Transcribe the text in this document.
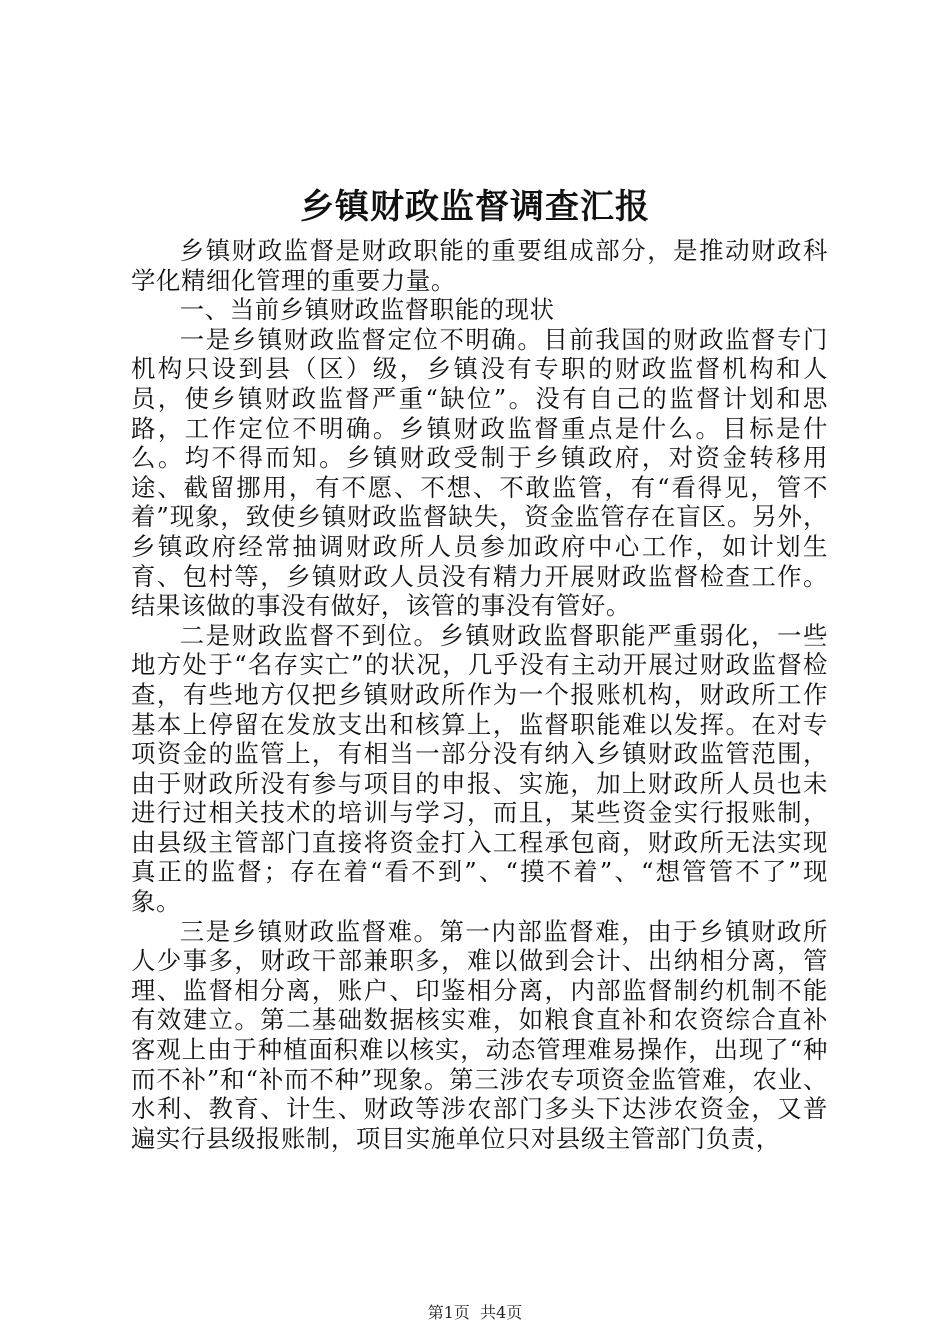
乡镇财政监督调查汇报

乡镇财政监督是财政职能的重要组成部分，是推动财政科学化精细化管理的重要力量。

一、当前乡镇财政监督职能的现状

一是乡镇财政监督定位不明确。目前我国的财政监督专门机构只设到县（区）级，乡镇没有专职的财政监督机构和人员，使乡镇财政监督严重“缺位”。没有自己的监督计划和思路，工作定位不明确。乡镇财政监督重点是什么。目标是什么。均不得而知。乡镇财政受制于乡镇政府，对资金转移用途、截留挪用，有不愿、不想、不敢监管，有“看得见，管不着”现象，致使乡镇财政监督缺失，资金监管存在盲区。另外，乡镇政府经常抽调财政所人员参加政府中心工作，如计划生育、包村等，乡镇财政人员没有精力开展财政监督检查工作。结果该做的事没有做好，该管的事没有管好。

二是财政监督不到位。乡镇财政监督职能严重弱化，一些地方处于“名存实亡”的状况，几乎没有主动开展过财政监督检查，有些地方仅把乡镇财政所作为一个报账机构，财政所工作基本上停留在发放支出和核算上，监督职能难以发挥。在对专项资金的监管上，有相当一部分没有纳入乡镇财政监管范围，由于财政所没有参与项目的申报、实施，加上财政所人员也未进行过相关技术的培训与学习，而且，某些资金实行报账制，由县级主管部门直接将资金打入工程承包商，财政所无法实现真正的监督；存在着“看不到”、“摸不着”、“想管管不了”现象。

三是乡镇财政监督难。第一内部监督难，由于乡镇财政所人少事多，财政干部兼职多，难以做到会计、出纳相分离，管理、监督相分离，账户、印鉴相分离，内部监督制约机制不能有效建立。第二基础数据核实难，如粮食直补和农资综合直补客观上由于种植面积难以核实，动态管理难易操作，出现了“种而不补”和“补而不种”现象。第三涉农专项资金监管难，农业、水利、教育、计生、财政等涉农部门多头下达涉农资金，又普遍实行县级报账制，项目实施单位只对县级主管部门负责，

第1页 共4页
